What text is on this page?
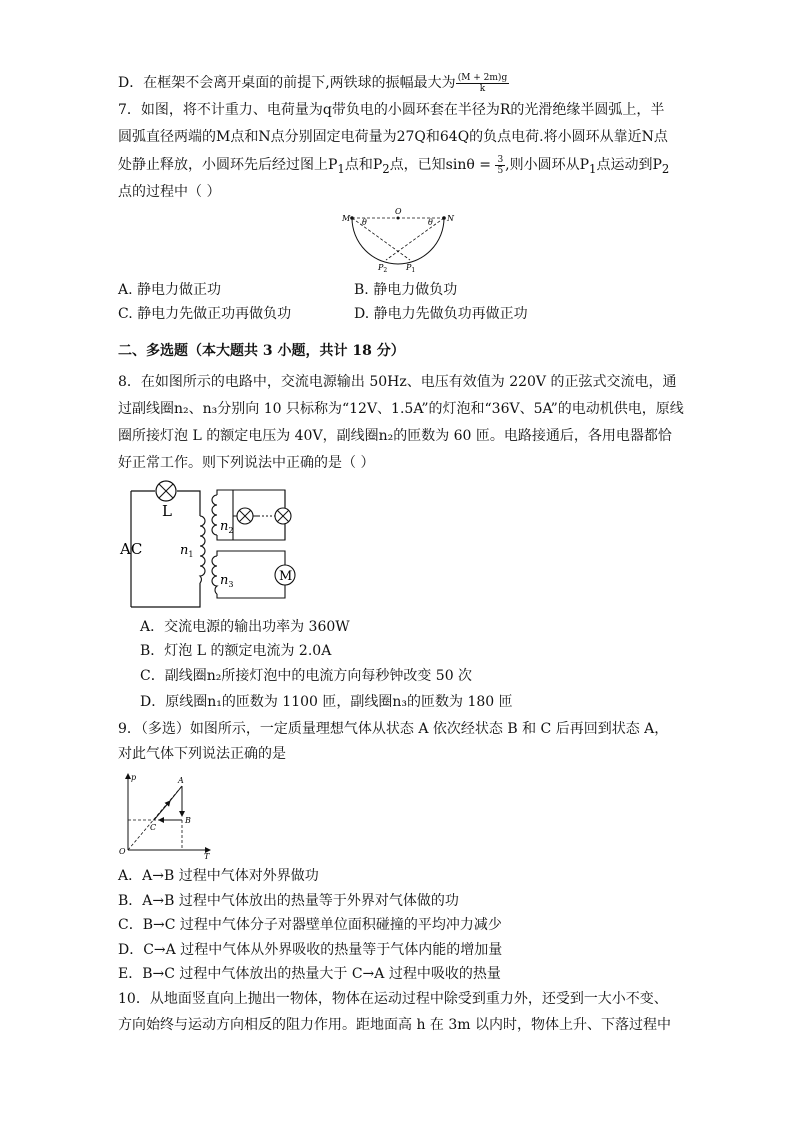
D．在框架不会离开桌面的前提下,两铁球的振幅最大为 $\frac{(M + 2m)g}{k}$
7．如图，将不计重力、电荷量为q带负电的小圆环套在半径为R的光滑绝缘半圆弧上，半
圆弧直径两端的M点和N点分别固定电荷量为27Q和64Q的负点电荷.将小圆环从靠近N点
处静止释放，小圆环先后经过图上$P_1$点和$P_2$点，已知$\sin\theta = \frac{3}{5}$ ,则小圆环从$P_1$点运动到$P_2$
点的过程中（ ）
M	N
O
θ	θ
$P_2$ $P_1$
A. 静电力做正功	B. 静电力做负功
C. 静电力先做正功再做负功	D. 静电力先做负功再做正功
二、多选题（本大题共 3 小题，共计 18 分）
8．在如图所示的电路中，交流电源输出 50Hz、电压有效值为 220V 的正弦式交流电，通
过副线圈n₂、n₃分别向 10 只标称为“12V、1.5A”的灯泡和“36V、5A”的电动机供电，原线
圈所接灯泡 L 的额定电压为 40V，副线圈n₂的匝数为 60 匝。电路接通后，各用电器都恰
好正常工作。则下列说法中正确的是（ ）
L
AC	$n_1$
$n_2$
$n_3$
M
A．交流电源的输出功率为 360W
B．灯泡 L 的额定电流为 2.0A
C．副线圈n₂所接灯泡中的电流方向每秒钟改变 50 次
D．原线圈n₁的匝数为 1100 匝，副线圈n₃的匝数为 180 匝
9．（多选）如图所示，一定质量理想气体从状态 A 依次经状态 B 和 C 后再回到状态 A，
对此气体下列说法正确的是
p
T
O
A
B
C
A．A→B 过程中气体对外界做功
B．A→B 过程中气体放出的热量等于外界对气体做的功
C．B→C 过程中气体分子对器壁单位面积碰撞的平均冲力减少
D．C→A 过程中气体从外界吸收的热量等于气体内能的增加量
E．B→C 过程中气体放出的热量大于 C→A 过程中吸收的热量
10．从地面竖直向上抛出一物体，物体在运动过程中除受到重力外，还受到一大小不变、
方向始终与运动方向相反的阻力作用。距地面高 h 在 3m 以内时，物体上升、下落过程中
